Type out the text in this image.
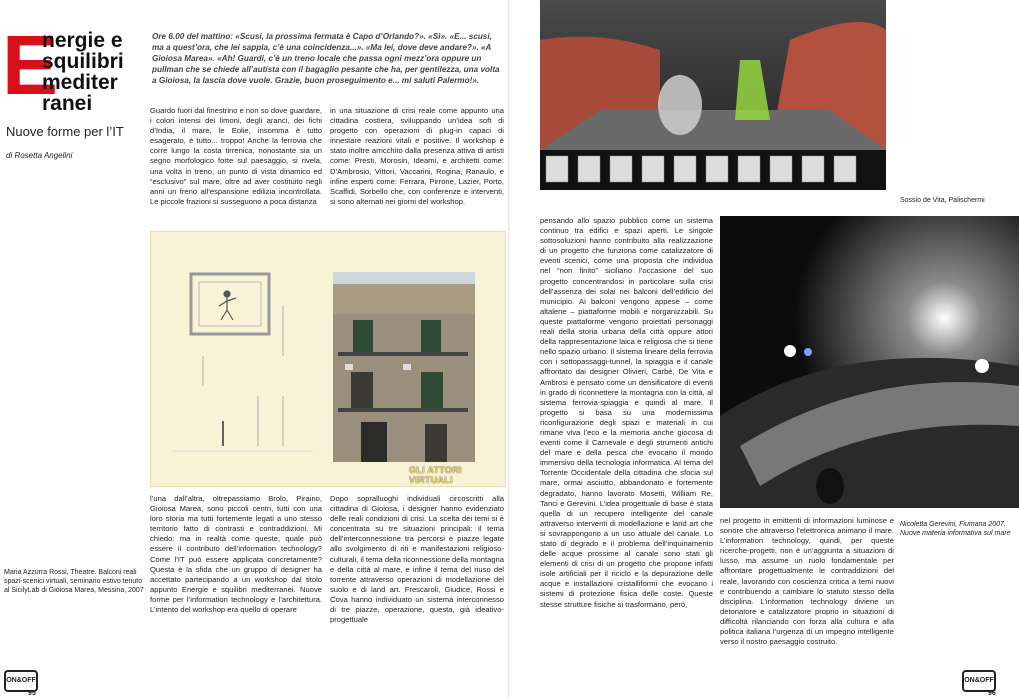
E
nergie e
squilibri
mediter
ranei
Nuove forme per l’IT
di Rosetta Angelini
Ore 6.00 del mattino: «Scusi, la prossima fermata è Capo d’Orlando?». «Sì». «E... scusi, ma a quest’ora, che lei sappia, c’è una coincidenza...». «Ma lei, dove deve andare?». «A Gioiosa Marea». «Ah! Guardi, c’è un treno locale che passa ogni mezz’ora oppure un pullman che se chiede all’autista con il bagaglio pesante che ha, per gentilezza, una volta a Gioiosa, la lascia dove vuole. Grazie, buon proseguimento e... mi saluti Palermo!».

Guardo fuori dal finestrino e non so dove guardare, i colori intensi dei limoni, degli aranci, dei fichi d’India, il mare, le Eolie, insomma è tutto esagerato, è tutto... troppo! Anche la ferrovia che corre lungo la costa tirrenica, nonostante sia un segno morfologico forte sul paesaggio, si rivela, una volta in treno, un punto di vista dinamico ed “esclusivo” sul mare, oltre ad aver costituito negli anni un freno all’espansione edilizia incontrollata. Le piccole frazioni si susseguono a poca distanza

in una situazione di crisi reale come appunto una cittadina costiera, sviluppando un’idea soft di progetto con operazioni di plug-in capaci di innestare reazioni vitali e positive. Il workshop è stato inoltre arricchito dalla presenza attiva di artisti come: Presti, Morosin, Ideami, e architetti come: D’Ambrosio, Vittori, Vaccarini, Rogina, Ranaulo, e infine esperti come: Ferrara, Pirrone, Lazier, Porto, Scaffidi, Sorbello che, con conferenze e interventi, si sono alternati nei giorni del workshop.

GLI ATTORI VIRTUALI

l’una dall’altra, oltrepassiamo Brolo, Piraino, Gioiosa Marea, sono piccoli centri, tutti con una loro storia ma tutti fortemente legati a uno stesso territorio fatto di contrasti e contraddizioni. Mi chiedo: ma in realtà come queste, quale può essere il contributo dell’information technology? Come l’IT può essere applicata concretamente? Questa è la sfida che un gruppo di designer ha accettato partecipando a un workshop dal titolo appunto Energie e squilibri mediterranei. Nuove forme per l’information technology e l’architettura. L’intento del workshop era quello di operare

Dopo sopralluoghi individuali circoscritti alla cittadina di Gioiosa, i designer hanno evidenziato delle reali condizioni di crisi. La scelta dei temi si è concentrata su tre situazioni principali: il tema dell’interconnessione tra percorsi e piazze legate allo svolgimento di riti e manifestazioni religioso-culturali, il tema della riconnessione della montagna e della città al mare, e infine il tema del riuso del torrente attraverso operazioni di modellazione del suolo e di land art. Frescaroli, Giudice, Rossi e Cova hanno individuato un sistema interconnesso di tre piazze, operazione, questa, già ideativo-progettuale

Maria Azzurra Rossi, Theatre. Balconi reali spazi-scenici virtuali, seminario estivo tenuto al SicilyLab di Gioiosa Marea, Messina, 2007
ON&OFF
95
Sossio de Vita, Palischermi

pensando allo spazio pubblico come un sistema continuo tra edifici e spazi aperti. Le singole sottosoluzioni hanno contribuito alla realizzazione di un progetto che funziona come catalizzatore di eventi scenici, come una proposta che individua nel “non finito” siciliano l’occasione del suo progetto concentrandosi in particolare sulla crisi dell’assenza dei solai nei balconi dell’edificio del municipio. Ai balconi vengono appese – come altalene – piattaforme mobili e riorganizzabili. Su queste piattaforme vengono proiettati personaggi reali della storia urbana della città oppure attori della rappresentazione laica e religiosa che si tiene nello spazio urbano. Il sistema lineare della ferrovia con i sottopassaggi-tunnel, la spiaggia e il canale affrontato dai designer Olivieri, Carbè, De Vita e Ambrosi è pensato come un densificatore di eventi in grado di riconnettere la montagna con la città, al sistema ferrovia-spiaggia e quindi al mare. Il progetto si basa su una modernissima riconfigurazione degli spazi e materiali in cui rimane viva l’eco e la memoria anche giocosa di eventi come il Carnevale e degli strumenti antichi del mare e della pesca che evocano il mondo immersivo della tecnologia informatica. Al tema del Torrente Occidentale della cittadina che sfocia sul mare, ormai asciutto, abbandonato e fortemente degradato, hanno lavorato Mosetti, William Re, Tanci e Gerevini. L’idea progettuale di base è stata quella di un recupero intelligente del canale attraverso interventi di modellazione e land art che si sovrappongono a un uso attuale del canale. Lo stato di degrado e il problema dell’inquinamento delle acque prossime al canale sono stati gli elementi di crisi di un progetto che propone infatti isole artificiali per il riciclo e la depurazione delle acque e installazioni cristalliformi che evocano i sistemi di protezione fisica delle coste. Queste stesse strutture fisiche si trasformano, però,

nel progetto in emittenti di informazioni luminose e sonore che attraverso l’elettronica animano il mare. L’information technology, quindi, per queste ricerche-progetti, non è un’aggiunta a situazioni di lusso, ma assume un ruolo fondamentale per affrontare progettualmente le contraddizioni del reale, lavorando con coscienza critica a temi nuovi e contribuendo a cambiare lo statuto stesso della disciplina. L’information technology diviene un detonatore e catalizzatore proprio in situazioni di difficoltà rilanciando con forza alla cultura e alla politica italiana l’urgenza di un impegno intelligente verso il nostro paesaggio costruito.

Nicoletta Gerevini, Fiumana 2007. Nuove materia informativa sul mare
ON&OFF
96
